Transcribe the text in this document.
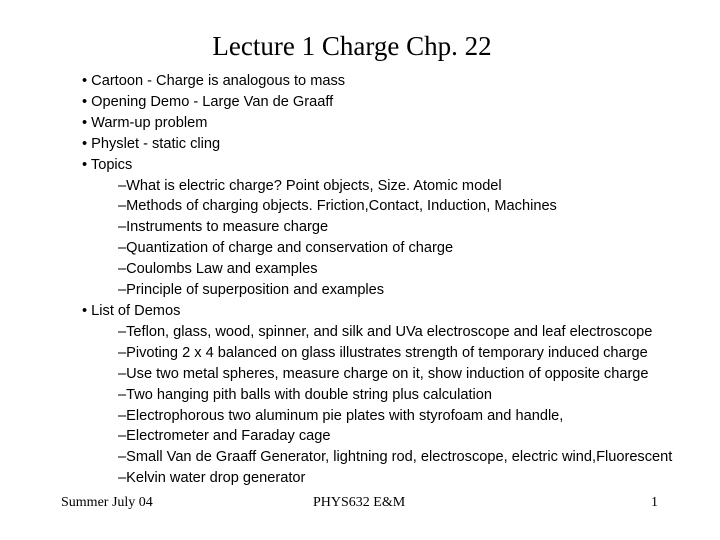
Lecture 1 Charge Chp. 22
• Cartoon - Charge is analogous to mass
• Opening Demo - Large Van de Graaff
• Warm-up problem
• Physlet - static cling
• Topics
–What is electric charge? Point objects, Size. Atomic model
–Methods of charging objects. Friction,Contact, Induction, Machines
–Instruments to measure charge
–Quantization of charge and conservation of charge
–Coulombs Law and examples
–Principle of superposition and examples
• List of Demos
–Teflon, glass, wood, spinner, and silk and UVa electroscope and leaf electroscope
–Pivoting 2 x 4 balanced on glass illustrates strength of temporary induced charge
–Use two metal spheres, measure charge on it, show induction of opposite charge
–Two hanging pith balls with double string plus calculation
–Electrophorous two aluminum pie plates with styrofoam and handle,
–Electrometer and Faraday cage
–Small Van de Graaff Generator, lightning rod, electroscope, electric wind,Fluorescent
–Kelvin water drop generator
Summer July 04	PHYS632 E&M	1
